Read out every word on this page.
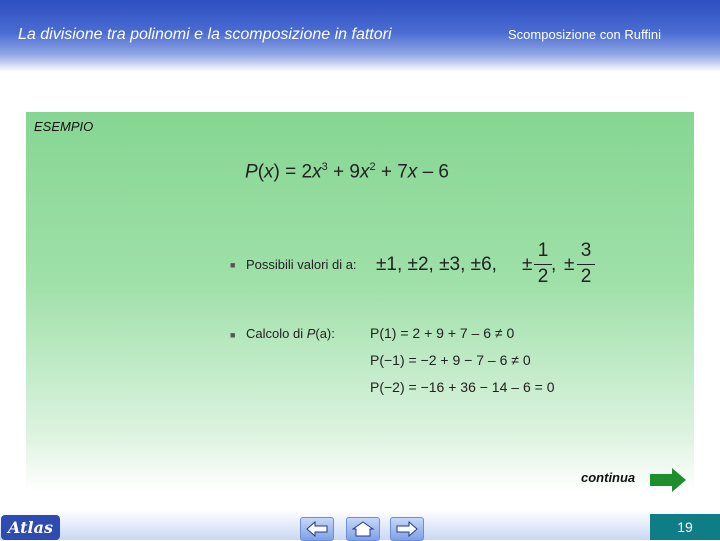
La divisione tra polinomi e la scomposizione in fattori	Scomposizione con Ruffini
ESEMPIO
$P(x) = 2x^3 + 9x^2 + 7x - 6$
■ Possibili valori di a: ±1, ±2, ±3, ±6, ±
1
2
, ±
3
2
■ Calcolo di P(a):	P(1) = 2 + 9 + 7 – 6 ≠ 0
P(−1) = −2 + 9 − 7 – 6 ≠ 0
P(−2) = −16 + 36 − 14 – 6 = 0
continua
Atlas	19
